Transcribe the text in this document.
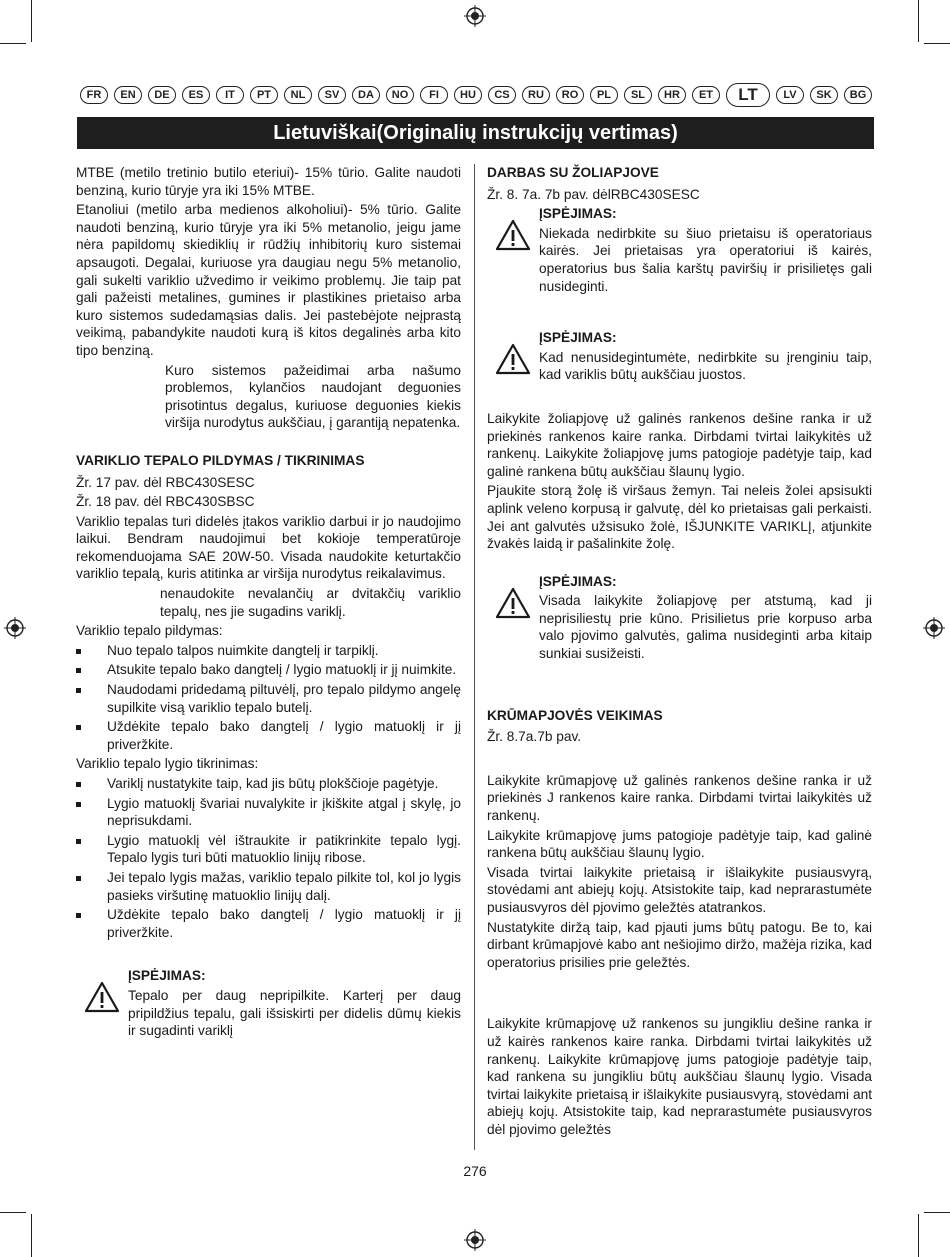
FR	EN	DE	ES	IT	PT	NL	SV	DA	NO	FI	HU	CS	RU	RO	PL	SL	HR	ET	LT	LV	SK	BG
Lietuviškai(Originalių instrukcijų vertimas)

MTBE (metilo tretinio butilo eteriui)- 15% tūrio. Galite naudoti benziną, kurio tūryje yra iki 15% MTBE.

Etanoliui (metilo arba medienos alkoholiui)- 5% tūrio. Galite naudoti benziną, kurio tūryje yra iki 5% metanolio, jeigu jame nėra papildomų skiediklių ir rūdžių inhibitorių kuro sistemai apsaugoti. Degalai, kuriuose yra daugiau negu 5% metanolio, gali sukelti variklio užvedimo ir veikimo problemų. Jie taip pat gali pažeisti metalines, gumines ir plastikines prietaiso arba kuro sistemos sudedamąsias dalis. Jei pastebėjote neįprastą veikimą, pabandykite naudoti kurą iš kitos degalinės arba kito tipo benziną.

Kuro sistemos pažeidimai arba našumo problemos, kylančios naudojant deguonies prisotintus degalus, kuriuose deguonies kiekis viršija nurodytus aukščiau, į garantiją nepatenka.

VARIKLIO TEPALO PILDYMAS / TIKRINIMAS

Žr. 17 pav. dėl RBC430SESC

Žr. 18 pav. dėl RBC430SBSC

Variklio tepalas turi didelės įtakos variklio darbui ir jo naudojimo laikui. Bendram naudojimui bet kokioje temperatūroje rekomenduojama SAE 20W-50. Visada naudokite keturtakčio variklio tepalą, kuris atitinka ar viršija nurodytus reikalavimus.

nenaudokite nevalančių ar dvitakčių variklio tepalų, nes jie sugadins variklį.

Variklio tepalo pildymas:

Nuo tepalo talpos nuimkite dangtelį ir tarpiklį.
Atsukite tepalo bako dangtelį / lygio matuoklį ir jį nuimkite.
Naudodami pridedamą piltuvėlį, pro tepalo pildymo angelę supilkite visą variklio tepalo butelį.
Uždėkite tepalo bako dangtelį / lygio matuoklį ir jį priveržkite.

Variklio tepalo lygio tikrinimas:

Variklį nustatykite taip, kad jis būtų plokščioje pagėtyje.
Lygio matuoklį švariai nuvalykite ir įkiškite atgal į skylę, jo neprisukdami.
Lygio matuoklį vėl ištraukite ir patikrinkite tepalo lygį. Tepalo lygis turi būti matuoklio linijų ribose.
Jei tepalo lygis mažas, variklio tepalo pilkite tol, kol jo lygis pasieks viršutinę matuoklio linijų dalį.
Uždėkite tepalo bako dangtelį / lygio matuoklį ir jį priveržkite.
ĮSPĖJIMAS:
Tepalo per daug nepripilkite. Karterį per daug pripildžius tepalu, gali išsiskirti per didelis dūmų kiekis ir sugadinti variklį
DARBAS SU ŽOLIAPJOVE

Žr. 8. 7a. 7b pav. dėlRBC430SESC

ĮSPĖJIMAS:
Niekada nedirbkite su šiuo prietaisu iš operatoriaus kairės. Jei prietaisas yra operatoriui iš kairės, operatorius bus šalia karštų paviršių ir prisilietęs gali nusideginti.
ĮSPĖJIMAS:
Kad nenusidegintumėte, nedirbkite su įrenginiu taip, kad variklis būtų aukščiau juostos.

Laikykite žoliapjovę už galinės rankenos dešine ranka ir už priekinės rankenos kaire ranka. Dirbdami tvirtai laikykitės už rankenų. Laikykite žoliapjovę jums patogioje padėtyje taip, kad galinė rankena būtų aukščiau šlaunų lygio.

Pjaukite storą žolę iš viršaus žemyn. Tai neleis žolei apsisukti aplink veleno korpusą ir galvutę, dėl ko prietaisas gali perkaisti. Jei ant galvutės užsisuko žolė, IŠJUNKITE VARIKLĮ, atjunkite žvakės laidą ir pašalinkite žolę.

ĮSPĖJIMAS:
Visada laikykite žoliapjovę per atstumą, kad ji neprisiliestų prie kūno. Prisilietus prie korpuso arba valo pjovimo galvutės, galima nusideginti arba kitaip sunkiai susižeisti.
KRŪMAPJOVĖS VEIKIMAS

Žr. 8.7a.7b pav.

Laikykite krūmapjovę už galinės rankenos dešine ranka ir už priekinės J rankenos kaire ranka. Dirbdami tvirtai laikykitės už rankenų.

Laikykite krūmapjovę jums patogioje padėtyje taip, kad galinė rankena būtų aukščiau šlaunų lygio.

Visada tvirtai laikykite prietaisą ir išlaikykite pusiausvyrą, stovėdami ant abiejų kojų. Atsistokite taip, kad neprarastumėte pusiausvyros dėl pjovimo geležtės atatrankos.

Nustatykite diržą taip, kad pjauti jums būtų patogu. Be to, kai dirbant krūmapjovė kabo ant nešiojimo diržo, mažėja rizika, kad operatorius prisilies prie geležtės.

Laikykite krūmapjovę už rankenos su jungikliu dešine ranka ir už kairės rankenos kaire ranka. Dirbdami tvirtai laikykitės už rankenų. Laikykite krūmapjovę jums patogioje padėtyje taip, kad rankena su jungikliu būtų aukščiau šlaunų lygio. Visada tvirtai laikykite prietaisą ir išlaikykite pusiausvyrą, stovėdami ant abiejų kojų. Atsistokite taip, kad neprarastumėte pusiausvyros dėl pjovimo geležtės

276
